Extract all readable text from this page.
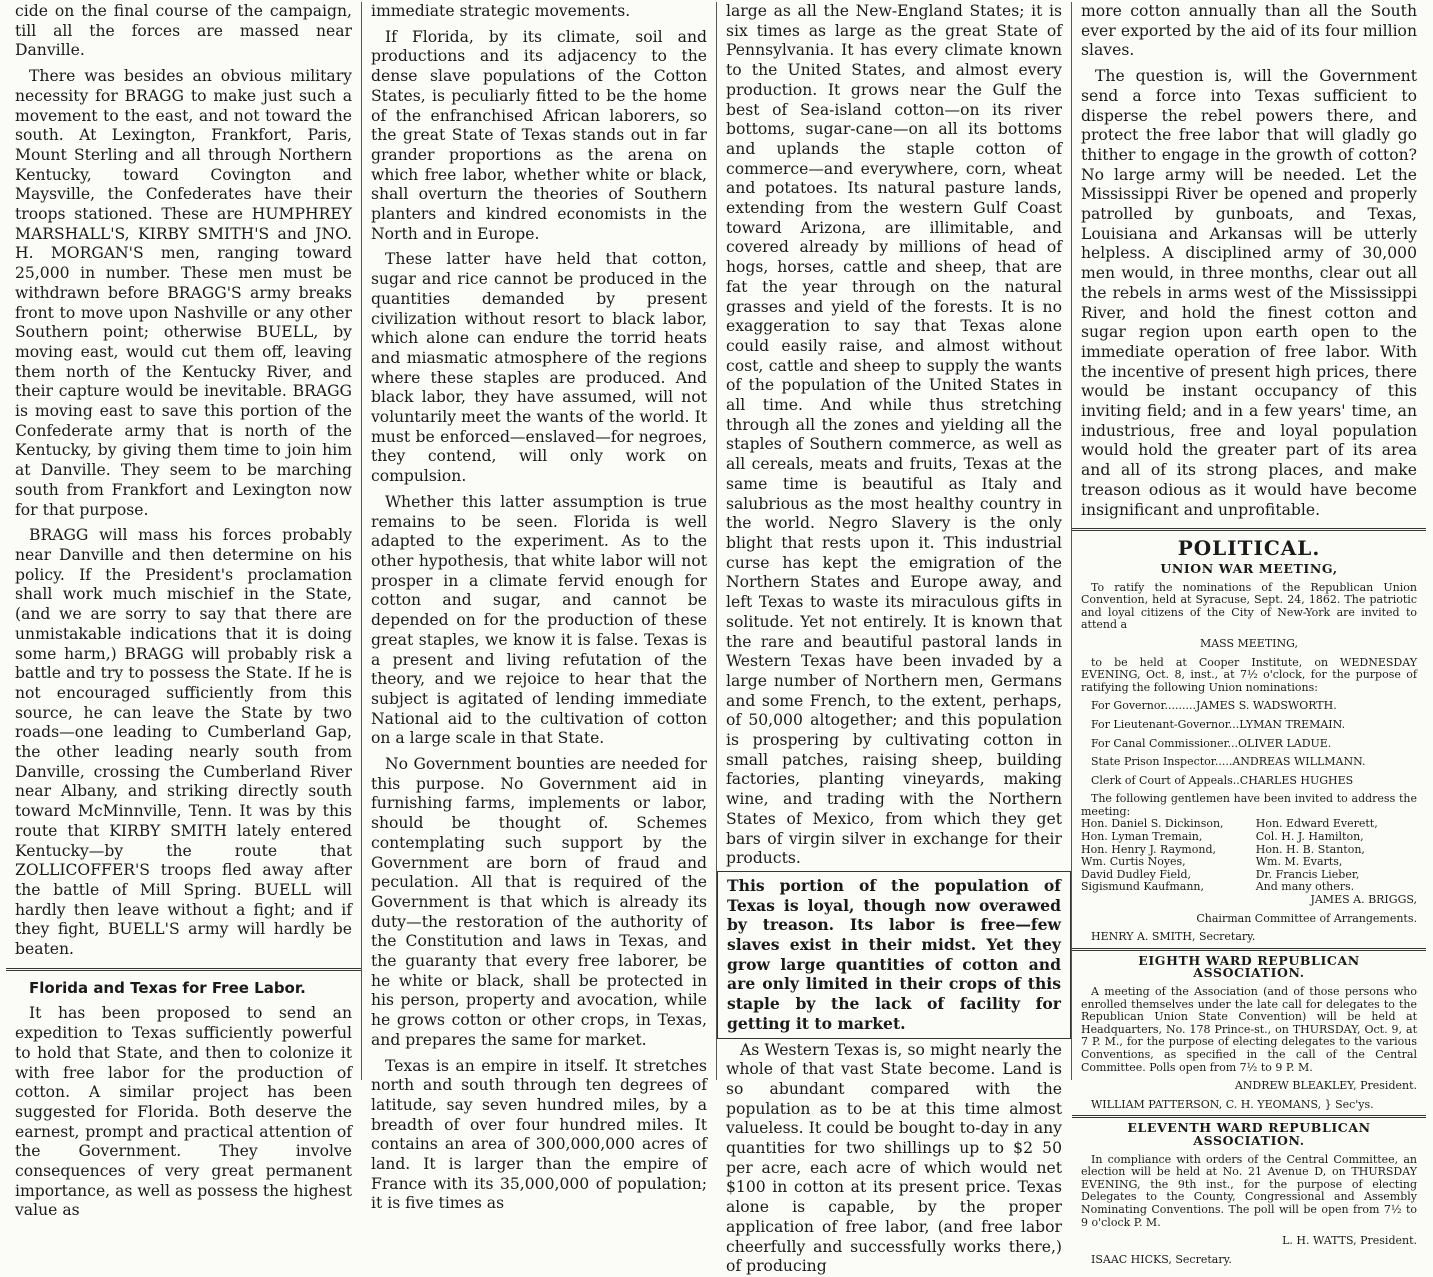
cide on the final course of the campaign, till all the forces are massed near Danville.

There was besides an obvious military necessity for BRAGG to make just such a movement to the east, and not toward the south. At Lexington, Frankfort, Paris, Mount Sterling and all through Northern Kentucky, toward Covington and Maysville, the Confederates have their troops stationed. These are HUMPHREY MARSHALL'S, KIRBY SMITH'S and JNO. H. MORGAN'S men, ranging toward 25,000 in number. These men must be withdrawn before BRAGG'S army breaks front to move upon Nashville or any other Southern point; otherwise BUELL, by moving east, would cut them off, leaving them north of the Kentucky River, and their capture would be inevitable. BRAGG is moving east to save this portion of the Confederate army that is north of the Kentucky, by giving them time to join him at Danville. They seem to be marching south from Frankfort and Lexington now for that purpose.

BRAGG will mass his forces probably near Danville and then determine on his policy. If the President's proclamation shall work much mischief in the State, (and we are sorry to say that there are unmistakable indications that it is doing some harm,) BRAGG will probably risk a battle and try to possess the State. If he is not encouraged sufficiently from this source, he can leave the State by two roads—one leading to Cumberland Gap, the other leading nearly south from Danville, crossing the Cumberland River near Albany, and striking directly south toward McMinnville, Tenn. It was by this route that KIRBY SMITH lately entered Kentucky—by the route that ZOLLICOFFER'S troops fled away after the battle of Mill Spring. BUELL will hardly then leave without a fight; and if they fight, BUELL'S army will hardly be beaten.

Florida and Texas for Free Labor.

It has been proposed to send an expedition to Texas sufficiently powerful to hold that State, and then to colonize it with free labor for the production of cotton. A similar project has been suggested for Florida. Both deserve the earnest, prompt and practical attention of the Government. They involve consequences of very great permanent importance, as well as possess the highest value as

immediate strategic movements.

If Florida, by its climate, soil and productions and its adjacency to the dense slave populations of the Cotton States, is peculiarly fitted to be the home of the enfranchised African laborers, so the great State of Texas stands out in far grander proportions as the arena on which free labor, whether white or black, shall overturn the theories of Southern planters and kindred economists in the North and in Europe.

These latter have held that cotton, sugar and rice cannot be produced in the quantities demanded by present civilization without resort to black labor, which alone can endure the torrid heats and miasmatic atmosphere of the regions where these staples are produced. And black labor, they have assumed, will not voluntarily meet the wants of the world. It must be enforced—enslaved—for negroes, they contend, will only work on compulsion.

Whether this latter assumption is true remains to be seen. Florida is well adapted to the experiment. As to the other hypothesis, that white labor will not prosper in a climate fervid enough for cotton and sugar, and cannot be depended on for the production of these great staples, we know it is false. Texas is a present and living refutation of the theory, and we rejoice to hear that the subject is agitated of lending immediate National aid to the cultivation of cotton on a large scale in that State.

No Government bounties are needed for this purpose. No Government aid in furnishing farms, implements or labor, should be thought of. Schemes contemplating such support by the Government are born of fraud and peculation. All that is required of the Government is that which is already its duty—the restoration of the authority of the Constitution and laws in Texas, and the guaranty that every free laborer, be he white or black, shall be protected in his person, property and avocation, while he grows cotton or other crops, in Texas, and prepares the same for market.

Texas is an empire in itself. It stretches north and south through ten degrees of latitude, say seven hundred miles, by a breadth of over four hundred miles. It contains an area of 300,000,000 acres of land. It is larger than the empire of France with its 35,000,000 of population; it is five times as

large as all the New-England States; it is six times as large as the great State of Pennsylvania. It has every climate known to the United States, and almost every production. It grows near the Gulf the best of Sea-island cotton—on its river bottoms, sugar-cane—on all its bottoms and uplands the staple cotton of commerce—and everywhere, corn, wheat and potatoes. Its natural pasture lands, extending from the western Gulf Coast toward Arizona, are illimitable, and covered already by millions of head of hogs, horses, cattle and sheep, that are fat the year through on the natural grasses and yield of the forests. It is no exaggeration to say that Texas alone could easily raise, and almost without cost, cattle and sheep to supply the wants of the population of the United States in all time. And while thus stretching through all the zones and yielding all the staples of Southern commerce, as well as all cereals, meats and fruits, Texas at the same time is beautiful as Italy and salubrious as the most healthy country in the world. Negro Slavery is the only blight that rests upon it. This industrial curse has kept the emigration of the Northern States and Europe away, and left Texas to waste its miraculous gifts in solitude. Yet not entirely. It is known that the rare and beautiful pastoral lands in Western Texas have been invaded by a large number of Northern men, Germans and some French, to the extent, perhaps, of 50,000 altogether; and this population is prospering by cultivating cotton in small patches, raising sheep, building factories, planting vineyards, making wine, and trading with the Northern States of Mexico, from which they get bars of virgin silver in exchange for their products.

This portion of the population of Texas is loyal, though now overawed by treason. Its labor is free—few slaves exist in their midst. Yet they grow large quantities of cotton and are only limited in their crops of this staple by the lack of facility for getting it to market.

As Western Texas is, so might nearly the whole of that vast State become. Land is so abundant compared with the population as to be at this time almost valueless. It could be bought to-day in any quantities for two shillings up to $2 50 per acre, each acre of which would net $100 in cotton at its present price. Texas alone is capable, by the proper application of free labor, (and free labor cheerfully and successfully works there,) of producing

more cotton annually than all the South ever exported by the aid of its four million slaves.

The question is, will the Government send a force into Texas sufficient to disperse the rebel powers there, and protect the free labor that will gladly go thither to engage in the growth of cotton? No large army will be needed. Let the Mississippi River be opened and properly patrolled by gunboats, and Texas, Louisiana and Arkansas will be utterly helpless. A disciplined army of 30,000 men would, in three months, clear out all the rebels in arms west of the Mississippi River, and hold the finest cotton and sugar region upon earth open to the immediate operation of free labor. With the incentive of present high prices, there would be instant occupancy of this inviting field; and in a few years' time, an industrious, free and loyal population would hold the greater part of its area and all of its strong places, and make treason odious as it would have become insignificant and unprofitable.

POLITICAL.

UNION WAR MEETING,

To ratify the nominations of the Republican Union Convention, held at Syracuse, Sept. 24, 1862. The patriotic and loyal citizens of the City of New-York are invited to attend a

MASS MEETING,

to be held at Cooper Institute, on WEDNESDAY EVENING, Oct. 8, inst., at 7½ o'clock, for the purpose of ratifying the following Union nominations:

For Governor.........JAMES S. WADSWORTH.

For Lieutenant-Governor...LYMAN TREMAIN.

For Canal Commissioner...OLIVER LADUE.

State Prison Inspector.....ANDREAS WILLMANN.

Clerk of Court of Appeals..CHARLES HUGHES

The following gentlemen have been invited to address the meeting:

Hon. Daniel S. Dickinson,	Hon. Edward Everett,
Hon. Lyman Tremain,	Col. H. J. Hamilton,
Hon. Henry J. Raymond,	Hon. H. B. Stanton,
Wm. Curtis Noyes,	Wm. M. Evarts,
David Dudley Field,	Dr. Francis Lieber,
Sigismund Kaufmann,	And many others.

JAMES A. BRIGGS,

Chairman Committee of Arrangements.

HENRY A. SMITH, Secretary.

EIGHTH WARD REPUBLICAN ASSOCIATION.

A meeting of the Association (and of those persons who enrolled themselves under the late call for delegates to the Republican Union State Convention) will be held at Headquarters, No. 178 Prince-st., on THURSDAY, Oct. 9, at 7 P. M., for the purpose of electing delegates to the various Conventions, as specified in the call of the Central Committee. Polls open from 7½ to 9 P. M.

ANDREW BLEAKLEY, President.

WILLIAM PATTERSON, C. H. YEOMANS, } Sec'ys.

ELEVENTH WARD REPUBLICAN ASSOCIATION.

In compliance with orders of the Central Committee, an election will be held at No. 21 Avenue D, on THURSDAY EVENING, the 9th inst., for the purpose of electing Delegates to the County, Congressional and Assembly Nominating Conventions. The poll will be open from 7½ to 9 o'clock P. M.

L. H. WATTS, President.

ISAAC HICKS, Secretary.
